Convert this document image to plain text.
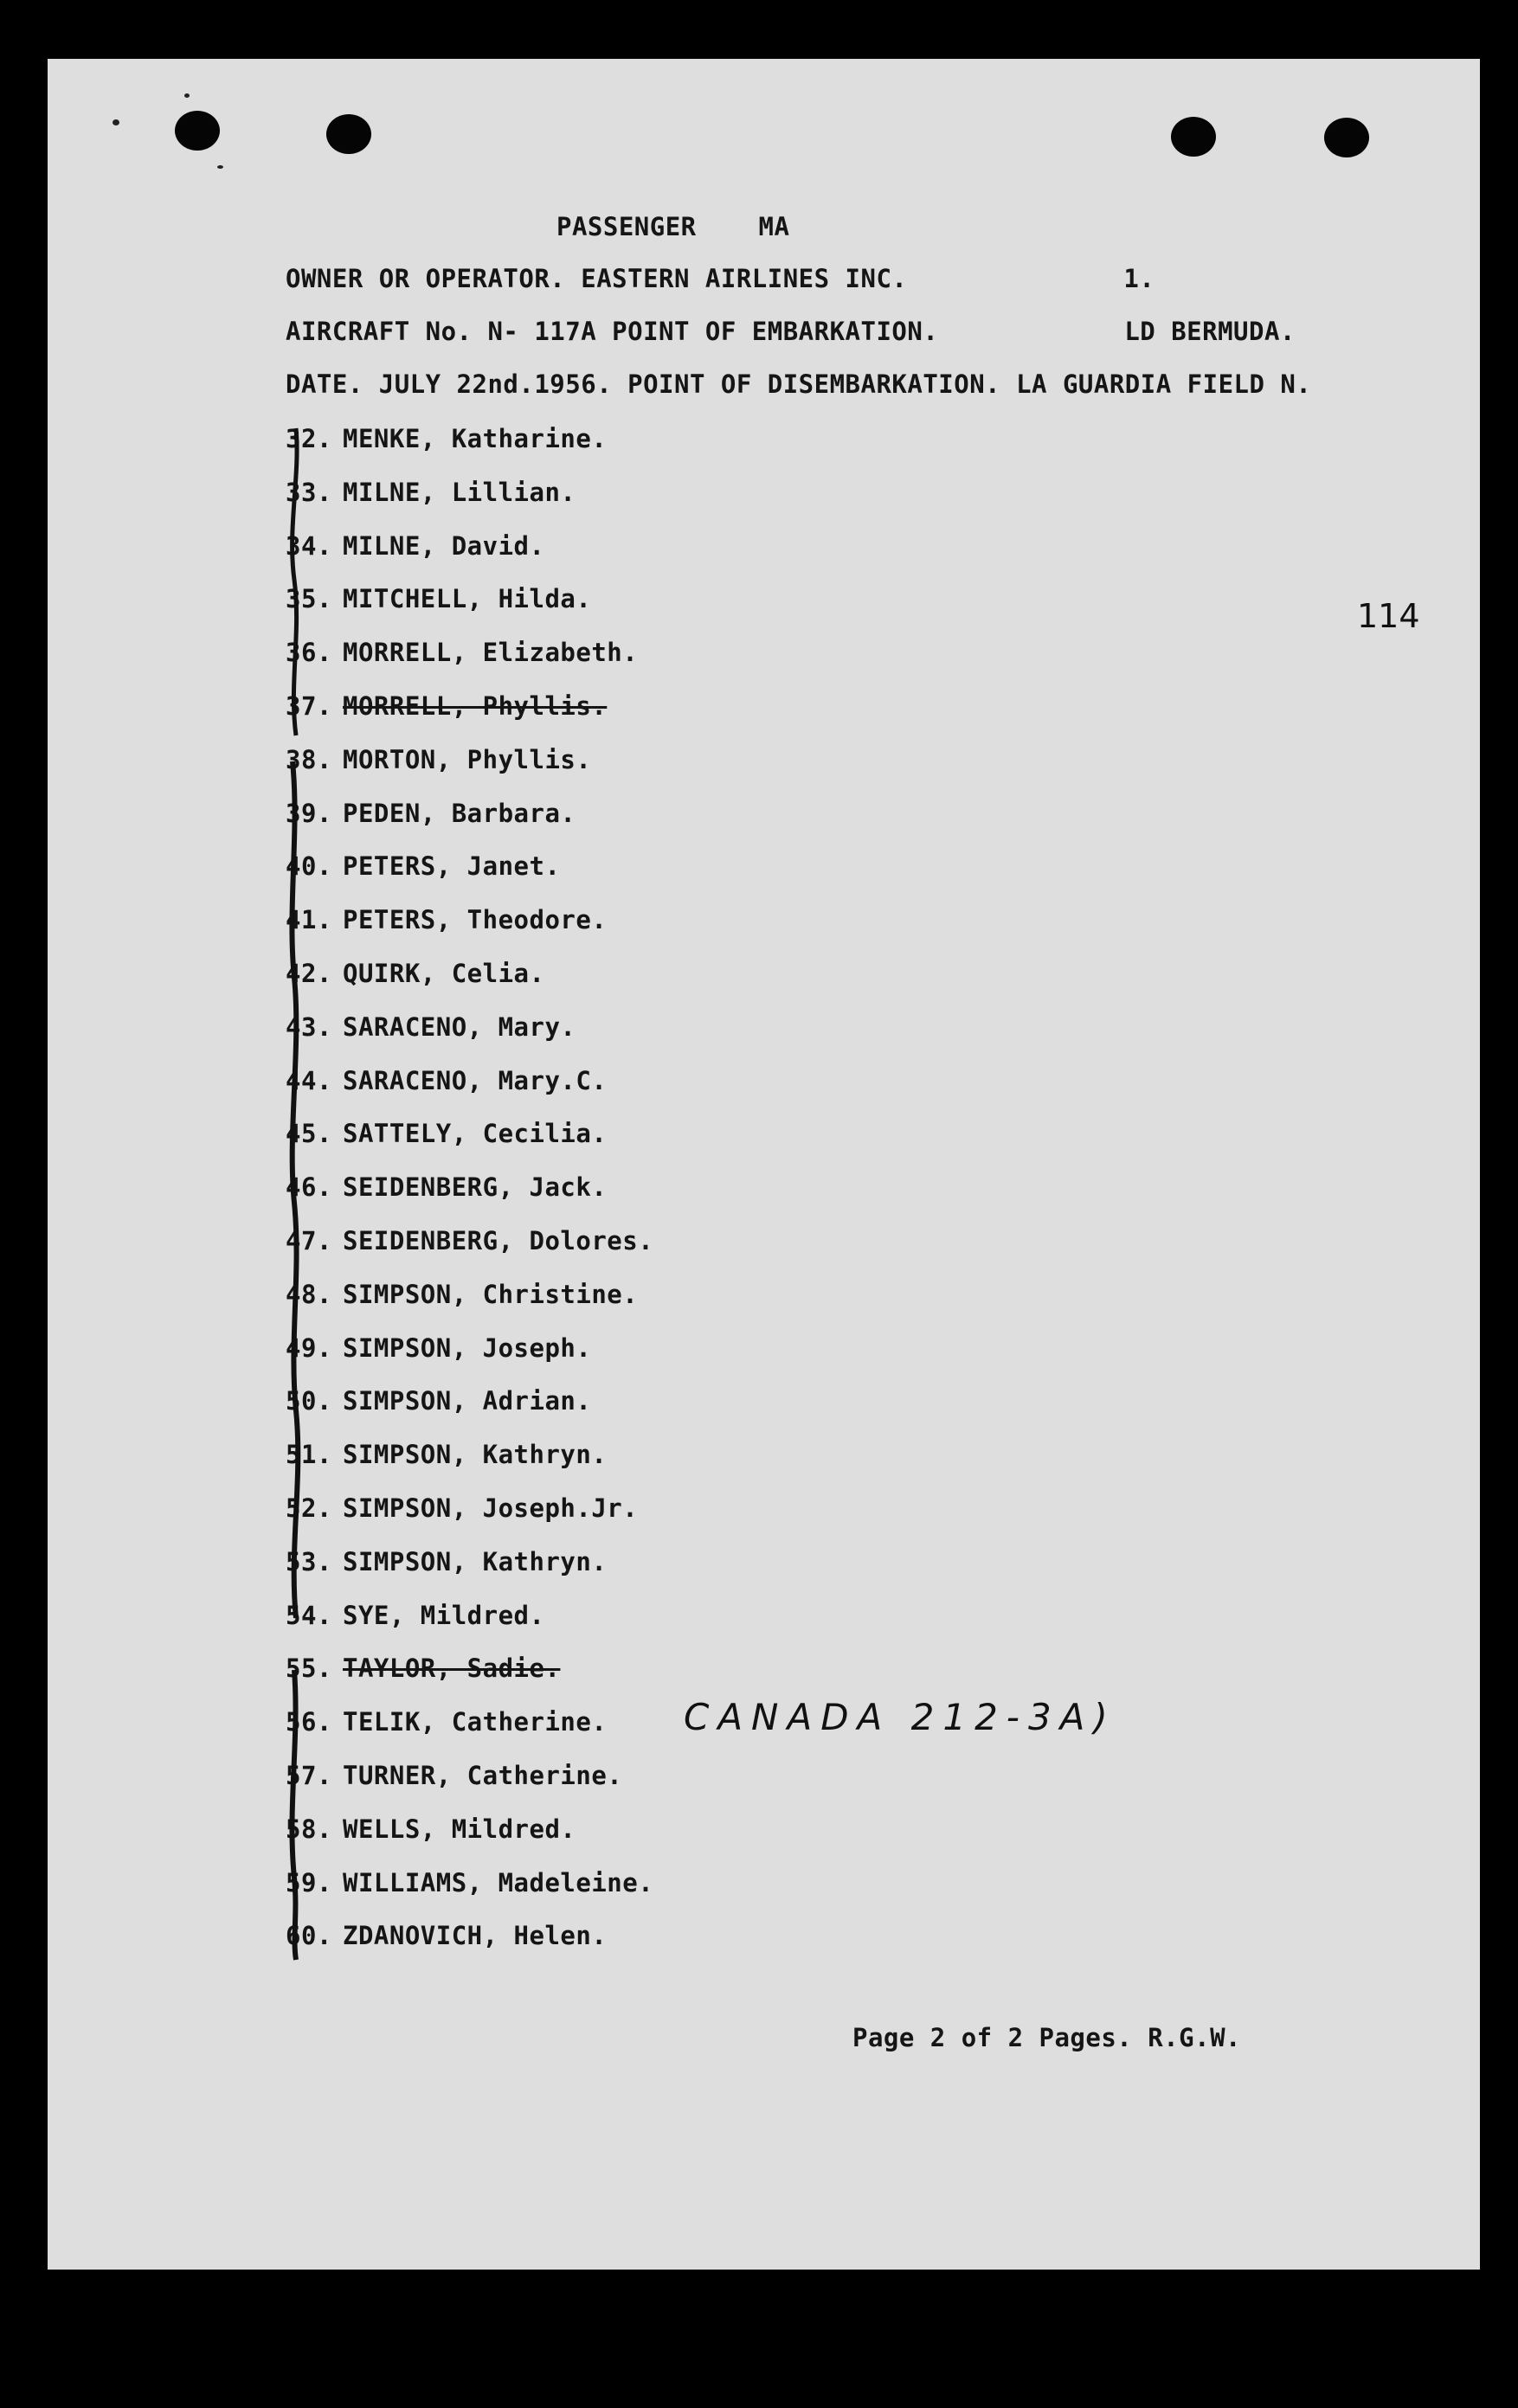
PASSENGER MA
OWNER OR OPERATOR. EASTERN AIRLINES INC.	1.
AIRCRAFT No. N- 117A POINT OF EMBARKATION.	LD BERMUDA.
DATE. JULY 22nd.1956. POINT OF DISEMBARKATION. LA GUARDIA FIELD N.
32. MENKE, Katharine.
33. MILNE, Lillian.
34. MILNE, David.
35. MITCHELL, Hilda.
36. MORRELL, Elizabeth.
37. MORRELL, Phyllis.
38. MORTON, Phyllis.
39. PEDEN, Barbara.
40. PETERS, Janet.
41. PETERS, Theodore.
42. QUIRK, Celia.
43. SARACENO, Mary.
44. SARACENO, Mary.C.
45. SATTELY, Cecilia.
46. SEIDENBERG, Jack.
47. SEIDENBERG, Dolores.
48. SIMPSON, Christine.
49. SIMPSON, Joseph.
50. SIMPSON, Adrian.
51. SIMPSON, Kathryn.
52. SIMPSON, Joseph.Jr.
53. SIMPSON, Kathryn.
54. SYE, Mildred.
55. TAYLOR, Sadie.
56. TELIK, Catherine.
57. TURNER, Catherine.
58. WELLS, Mildred.
59. WILLIAMS, Madeleine.
60. ZDANOVICH, Helen.
114
CANADA 212-3A)
Page 2 of 2 Pages. R.G.W.
